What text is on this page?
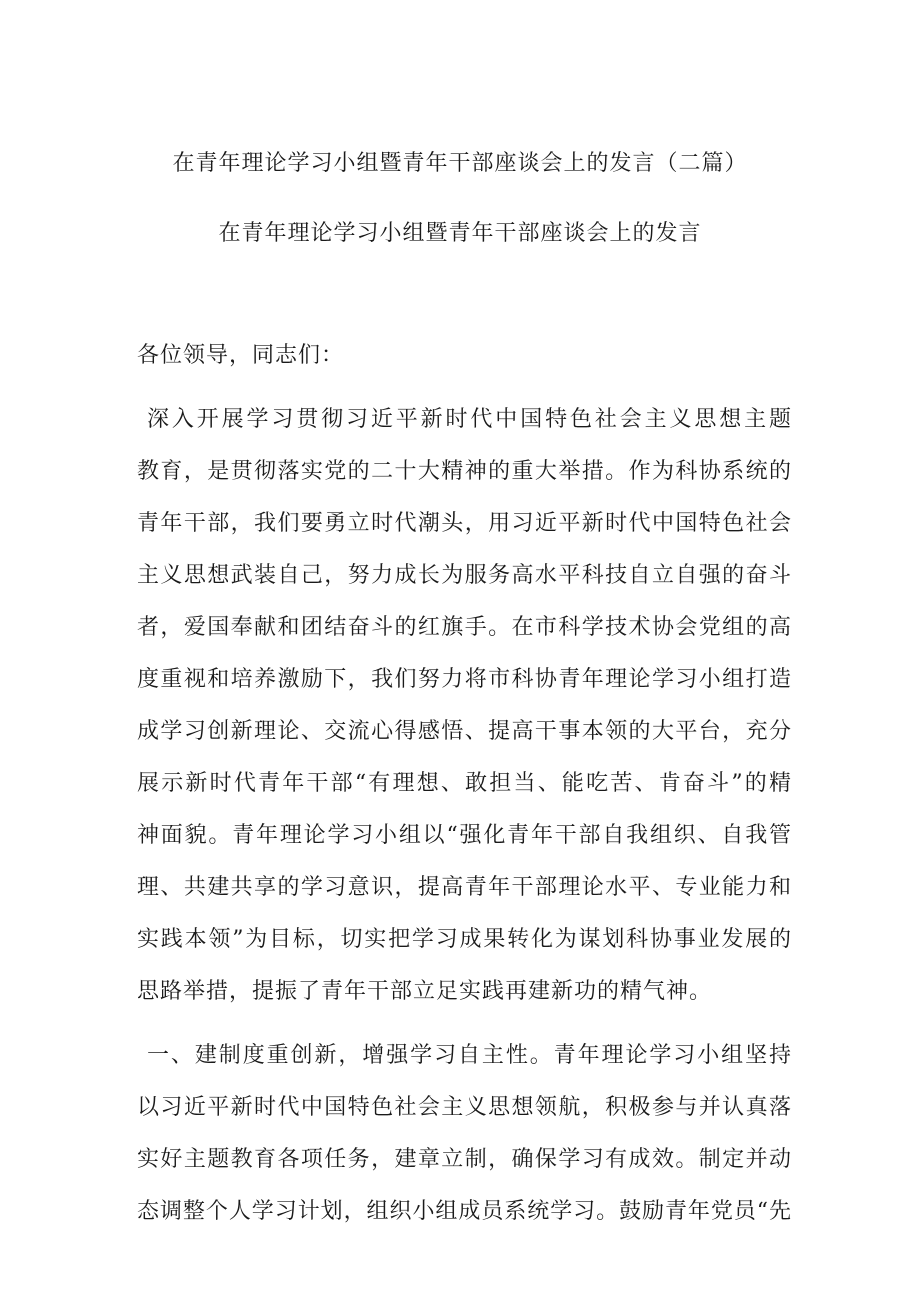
在青年理论学习小组暨青年干部座谈会上的发言（二篇）
在青年理论学习小组暨青年干部座谈会上的发言
各位领导，同志们：
深入开展学习贯彻习近平新时代中国特色社会主义思想主题
教育，是贯彻落实党的二十大精神的重大举措。作为科协系统的
青年干部，我们要勇立时代潮头，用习近平新时代中国特色社会
主义思想武装自己，努力成长为服务高水平科技自立自强的奋斗
者，爱国奉献和团结奋斗的红旗手。在市科学技术协会党组的高
度重视和培养激励下，我们努力将市科协青年理论学习小组打造
成学习创新理论、交流心得感悟、提高干事本领的大平台，充分
展示新时代青年干部“有理想、敢担当、能吃苦、肯奋斗”的精
神面貌。青年理论学习小组以“强化青年干部自我组织、自我管
理、共建共享的学习意识，提高青年干部理论水平、专业能力和
实践本领”为目标，切实把学习成果转化为谋划科协事业发展的
思路举措，提振了青年干部立足实践再建新功的精气神。
一、建制度重创新，增强学习自主性。青年理论学习小组坚持
以习近平新时代中国特色社会主义思想领航，积极参与并认真落
实好主题教育各项任务，建章立制，确保学习有成效。制定并动
态调整个人学习计划，组织小组成员系统学习。鼓励青年党员“先
